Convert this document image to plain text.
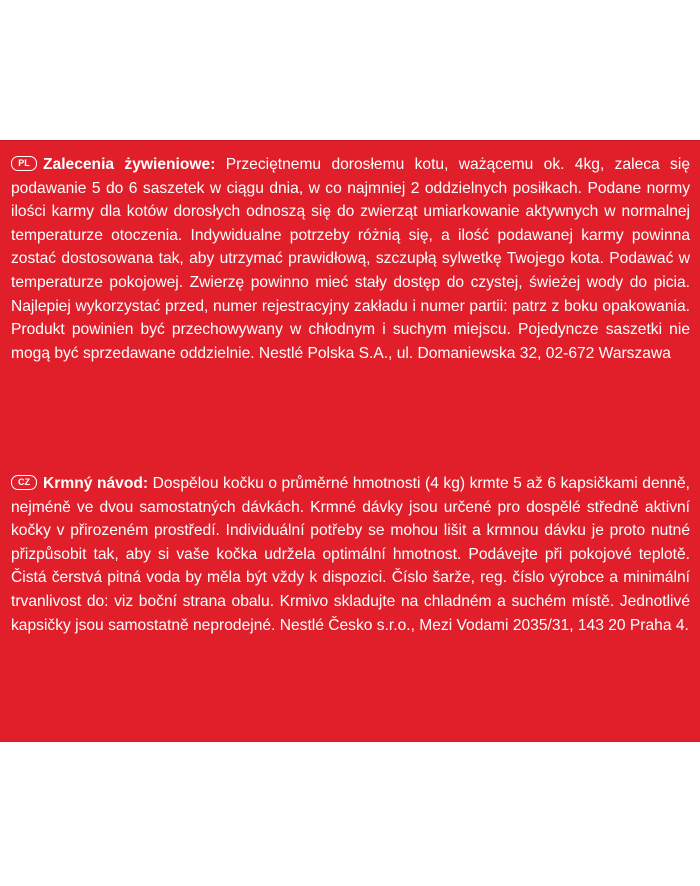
PL Zalecenia żywieniowe: Przeciętnemu dorosłemu kotu, ważącemu ok. 4kg, zaleca się podawanie 5 do 6 saszetek w ciągu dnia, w co najmniej 2 oddzielnych posiłkach. Podane normy ilości karmy dla kotów dorosłych odnoszą się do zwierząt umiarkowanie aktywnych w normalnej temperaturze otoczenia. Indywidualne potrzeby różnią się, a ilość podawanej karmy powinna zostać dostosowana tak, aby utrzymać prawidłową, szczupłą sylwetkę Twojego kota. Podawać w temperaturze pokojowej. Zwierzę powinno mieć stały dostęp do czystej, świeżej wody do picia. Najlepiej wykorzystać przed, numer rejestracyjny zakładu i numer partii: patrz z boku opakowania. Produkt powinien być przechowywany w chłodnym i suchym miejscu. Pojedyncze saszetki nie mogą być sprzedawane oddzielnie. Nestlé Polska S.A., ul. Domaniewska 32, 02-672 Warszawa

CZ Krmný návod: Dospělou kočku o průměrné hmotnosti (4 kg) krmte 5 až 6 kapsičkami denně, nejméně ve dvou samostatných dávkách. Krmné dávky jsou určené pro dospělé středně aktivní kočky v přirozeném prostředí. Individuální potřeby se mohou lišit a krmnou dávku je proto nutné přizpůsobit tak, aby si vaše kočka udržela optimální hmotnost. Podávejte při pokojové teplotě. Čistá čerstvá pitná voda by měla být vždy k dispozici. Číslo šarže, reg. číslo výrobce a minimální trvanlivost do: viz boční strana obalu. Krmivo skladujte na chladném a suchém místě. Jednotlivé kapsičky jsou samostatně neprodejné. Nestlé Česko s.r.o., Mezi Vodami 2035/31, 143 20 Praha 4.
